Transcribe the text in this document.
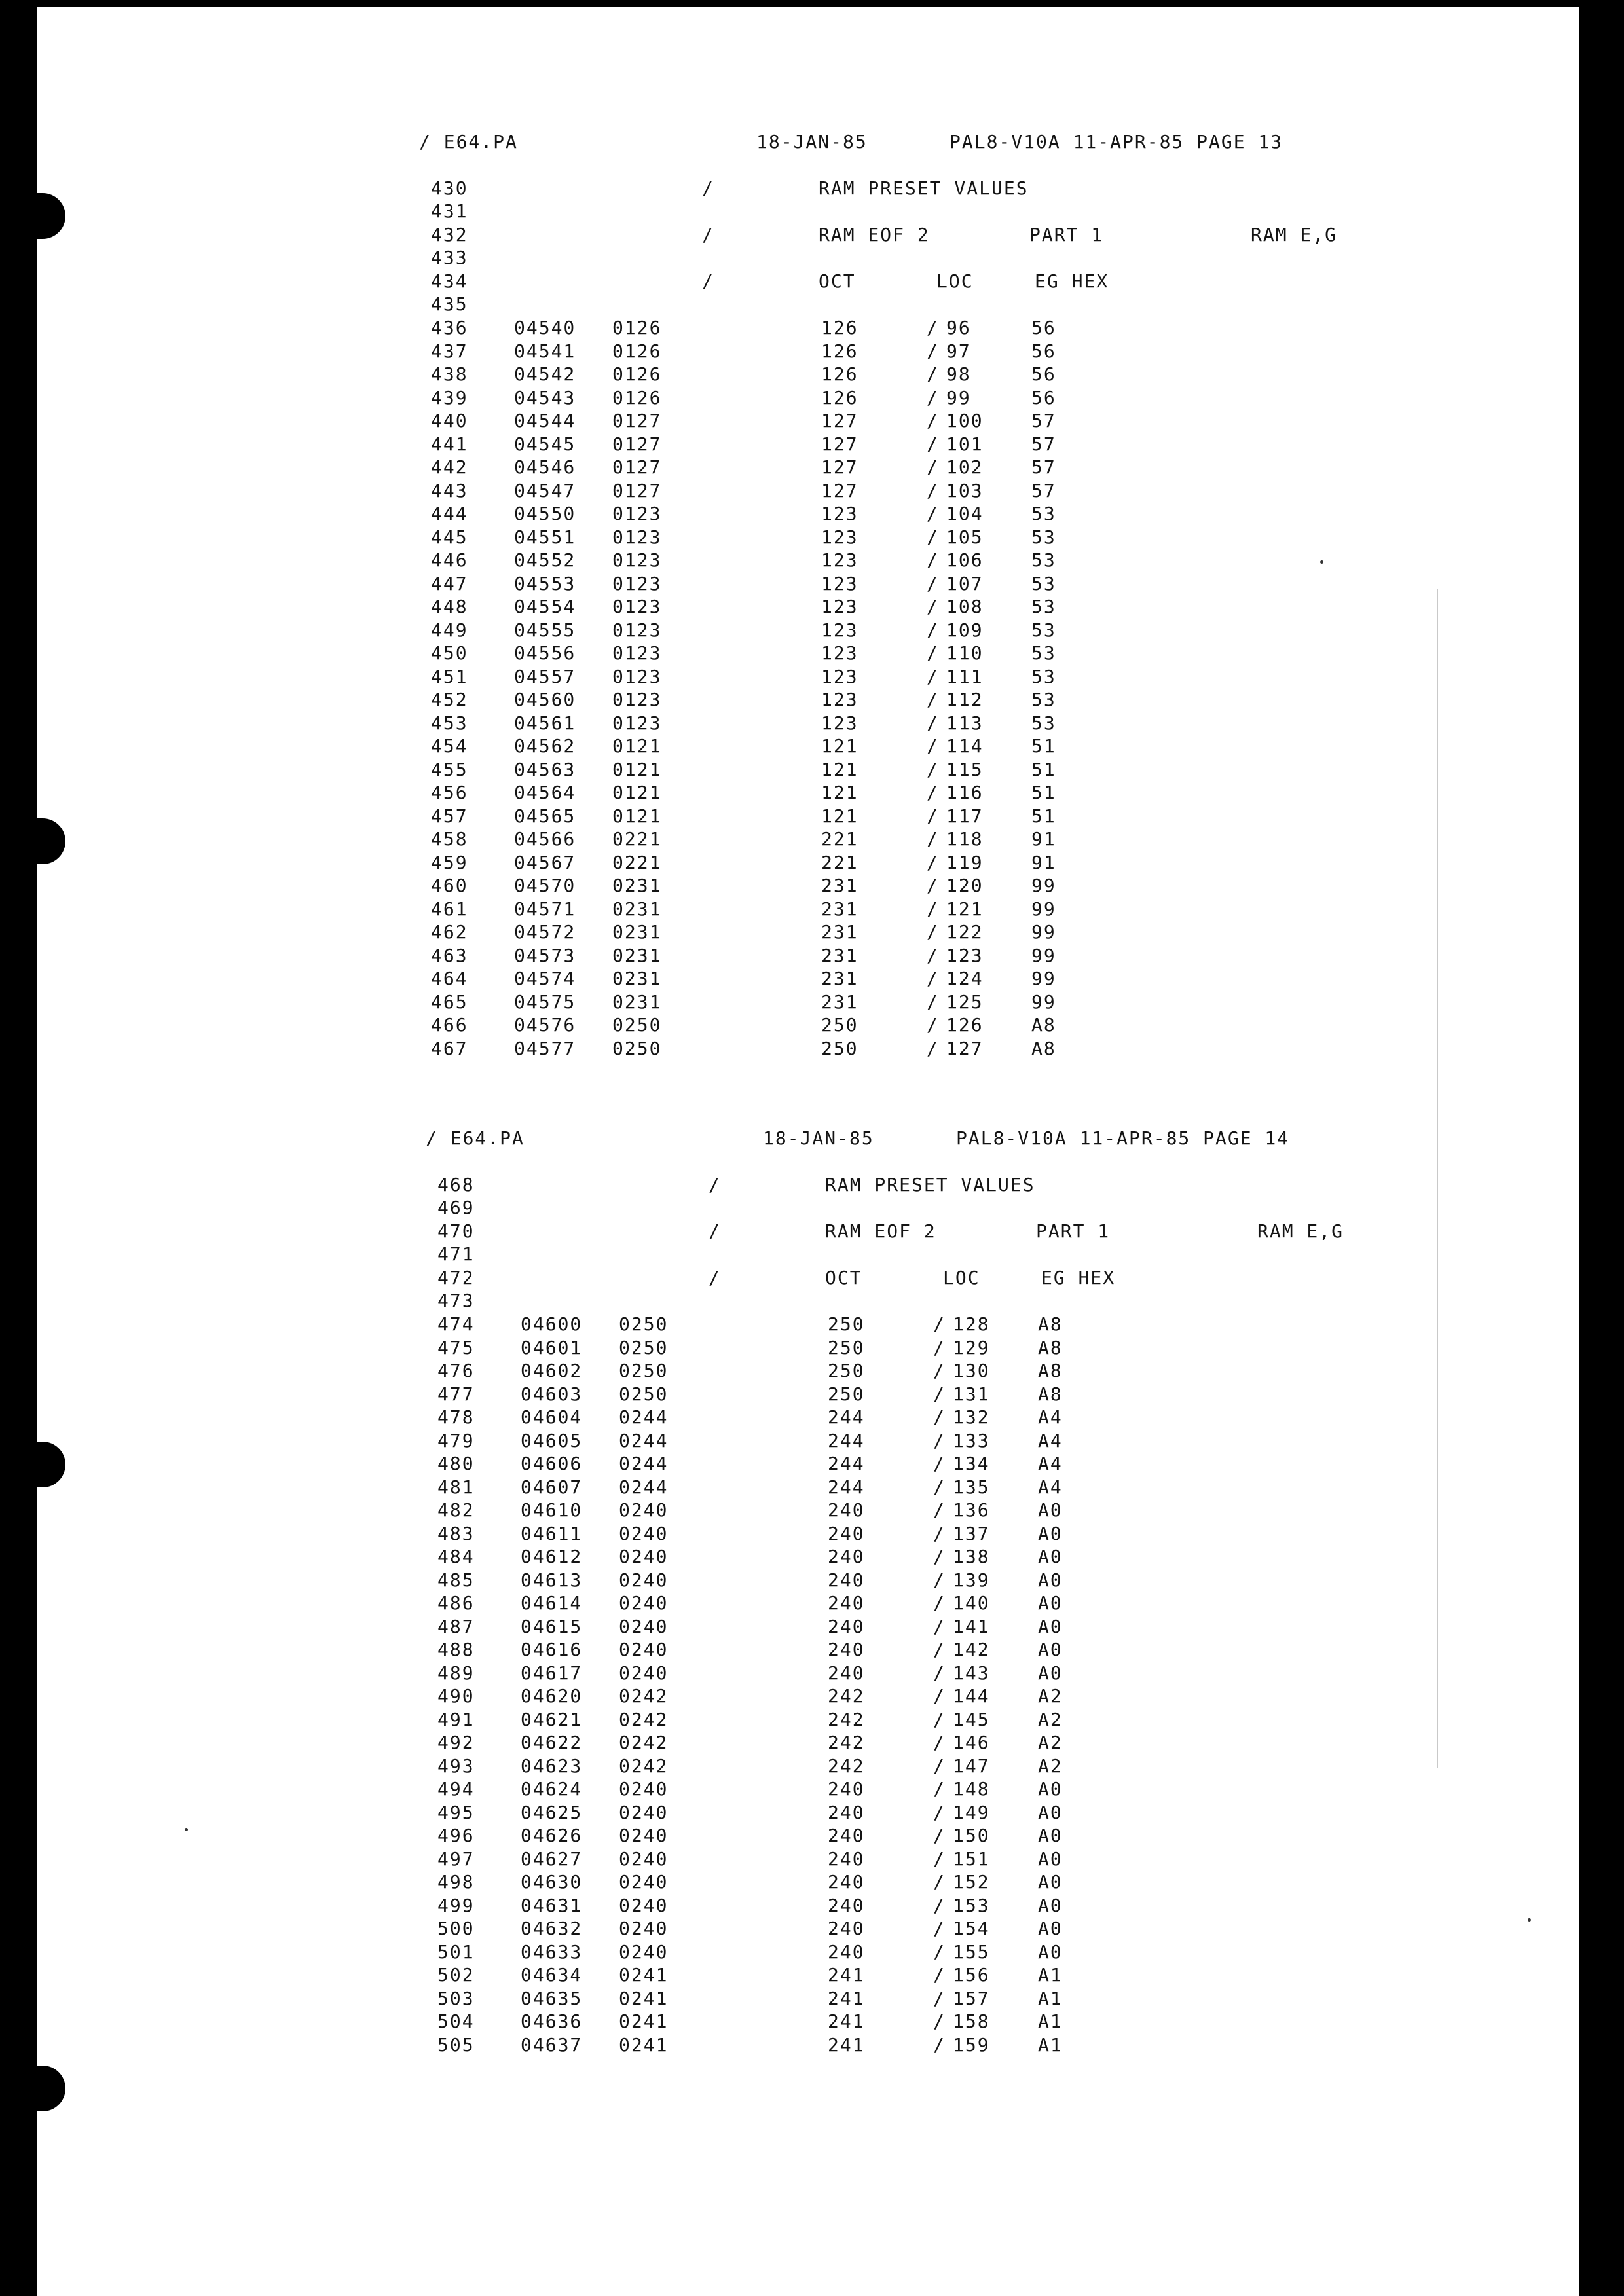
/ E64.PA	18-JAN-85	PAL8-V10A 11-APR-85 PAGE 13
430	/	RAM PRESET VALUES
431
432	/	RAM EOF 2	PART 1	RAM E,G
433
434	/	OCT	LOC	EG HEX
435
436	04540 0126	126	/ 96	56
437	04541 0126	126	/ 97	56
438	04542 0126	126	/ 98	56
439	04543 0126	126	/ 99	56
440	04544 0127	127	/ 100	57
441	04545 0127	127	/ 101	57
442	04546 0127	127	/ 102	57
443	04547 0127	127	/ 103	57
444	04550 0123	123	/ 104	53
445	04551 0123	123	/ 105	53
446	04552 0123	123	/ 106	53
447	04553 0123	123	/ 107	53
448	04554 0123	123	/ 108	53
449	04555 0123	123	/ 109	53
450	04556 0123	123	/ 110	53
451	04557 0123	123	/ 111	53
452	04560 0123	123	/ 112	53
453	04561 0123	123	/ 113	53
454	04562 0121	121	/ 114	51
455	04563 0121	121	/ 115	51
456	04564 0121	121	/ 116	51
457	04565 0121	121	/ 117	51
458	04566 0221	221	/ 118	91
459	04567 0221	221	/ 119	91
460	04570 0231	231	/ 120	99
461	04571 0231	231	/ 121	99
462	04572 0231	231	/ 122	99
463	04573 0231	231	/ 123	99
464	04574 0231	231	/ 124	99
465	04575 0231	231	/ 125	99
466	04576 0250	250	/ 126	A8
467	04577 0250	250	/ 127	A8
/ E64.PA	18-JAN-85	PAL8-V10A 11-APR-85 PAGE 14
468	/	RAM PRESET VALUES
469
470	/	RAM EOF 2	PART 1	RAM E,G
471
472	/	OCT	LOC	EG HEX
473
474	04600 0250	250	/ 128	A8
475	04601 0250	250	/ 129	A8
476	04602 0250	250	/ 130	A8
477	04603 0250	250	/ 131	A8
478	04604 0244	244	/ 132	A4
479	04605 0244	244	/ 133	A4
480	04606 0244	244	/ 134	A4
481	04607 0244	244	/ 135	A4
482	04610 0240	240	/ 136	A0
483	04611 0240	240	/ 137	A0
484	04612 0240	240	/ 138	A0
485	04613 0240	240	/ 139	A0
486	04614 0240	240	/ 140	A0
487	04615 0240	240	/ 141	A0
488	04616 0240	240	/ 142	A0
489	04617 0240	240	/ 143	A0
490	04620 0242	242	/ 144	A2
491	04621 0242	242	/ 145	A2
492	04622 0242	242	/ 146	A2
493	04623 0242	242	/ 147	A2
494	04624 0240	240	/ 148	A0
495	04625 0240	240	/ 149	A0
496	04626 0240	240	/ 150	A0
497	04627 0240	240	/ 151	A0
498	04630 0240	240	/ 152	A0
499	04631 0240	240	/ 153	A0
500	04632 0240	240	/ 154	A0
501	04633 0240	240	/ 155	A0
502	04634 0241	241	/ 156	A1
503	04635 0241	241	/ 157	A1
504	04636 0241	241	/ 158	A1
505	04637 0241	241	/ 159	A1
